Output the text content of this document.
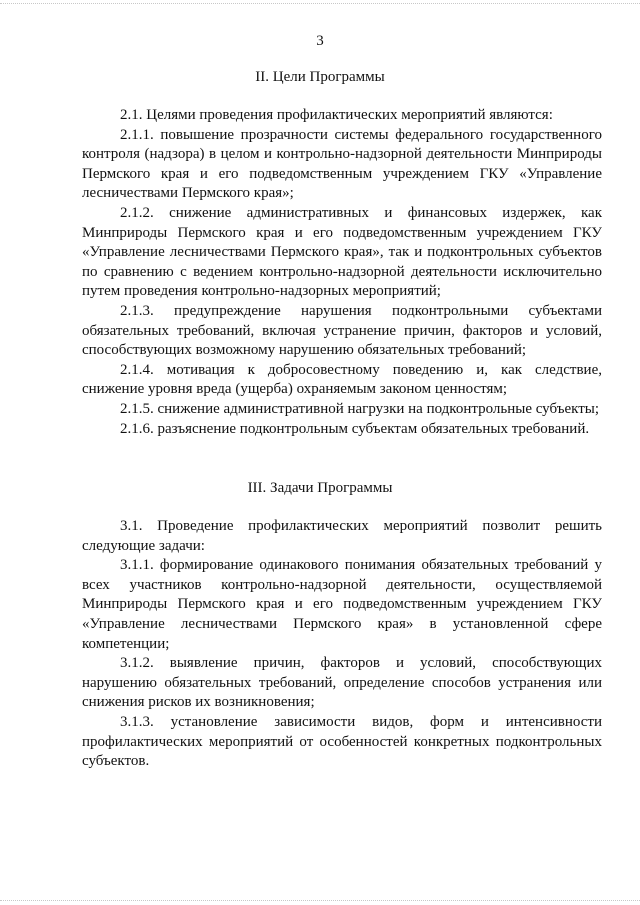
3
II. Цели Программы

2.1. Целями проведения профилактических мероприятий являются:

2.1.1. повышение прозрачности системы федерального государственного контроля (надзора) в целом и контрольно-надзорной деятельности Минприроды Пермского края и его подведомственным учреждением ГКУ «Управление лесничествами Пермского края»;

2.1.2. снижение административных и финансовых издержек, как Минприроды Пермского края и его подведомственным учреждением ГКУ «Управление лесничествами Пермского края», так и подконтрольных субъектов по сравнению с ведением контрольно-надзорной деятельности исключительно путем проведения контрольно-надзорных мероприятий;

2.1.3. предупреждение нарушения подконтрольными субъектами обязательных требований, включая устранение причин, факторов и условий, способствующих возможному нарушению обязательных требований;

2.1.4. мотивация к добросовестному поведению и, как следствие, снижение уровня вреда (ущерба) охраняемым законом ценностям;

2.1.5. снижение административной нагрузки на подконтрольные субъекты;

2.1.6. разъяснение подконтрольным субъектам обязательных требований.

III. Задачи Программы

3.1. Проведение профилактических мероприятий позволит решить следующие задачи:

3.1.1. формирование одинакового понимания обязательных требований у всех участников контрольно-надзорной деятельности, осуществляемой Минприроды Пермского края и его подведомственным учреждением ГКУ «Управление лесничествами Пермского края» в установленной сфере компетенции;

3.1.2. выявление причин, факторов и условий, способствующих нарушению обязательных требований, определение способов устранения или снижения рисков их возникновения;

3.1.3. установление зависимости видов, форм и интенсивности профилактических мероприятий от особенностей конкретных подконтрольных субъектов.
